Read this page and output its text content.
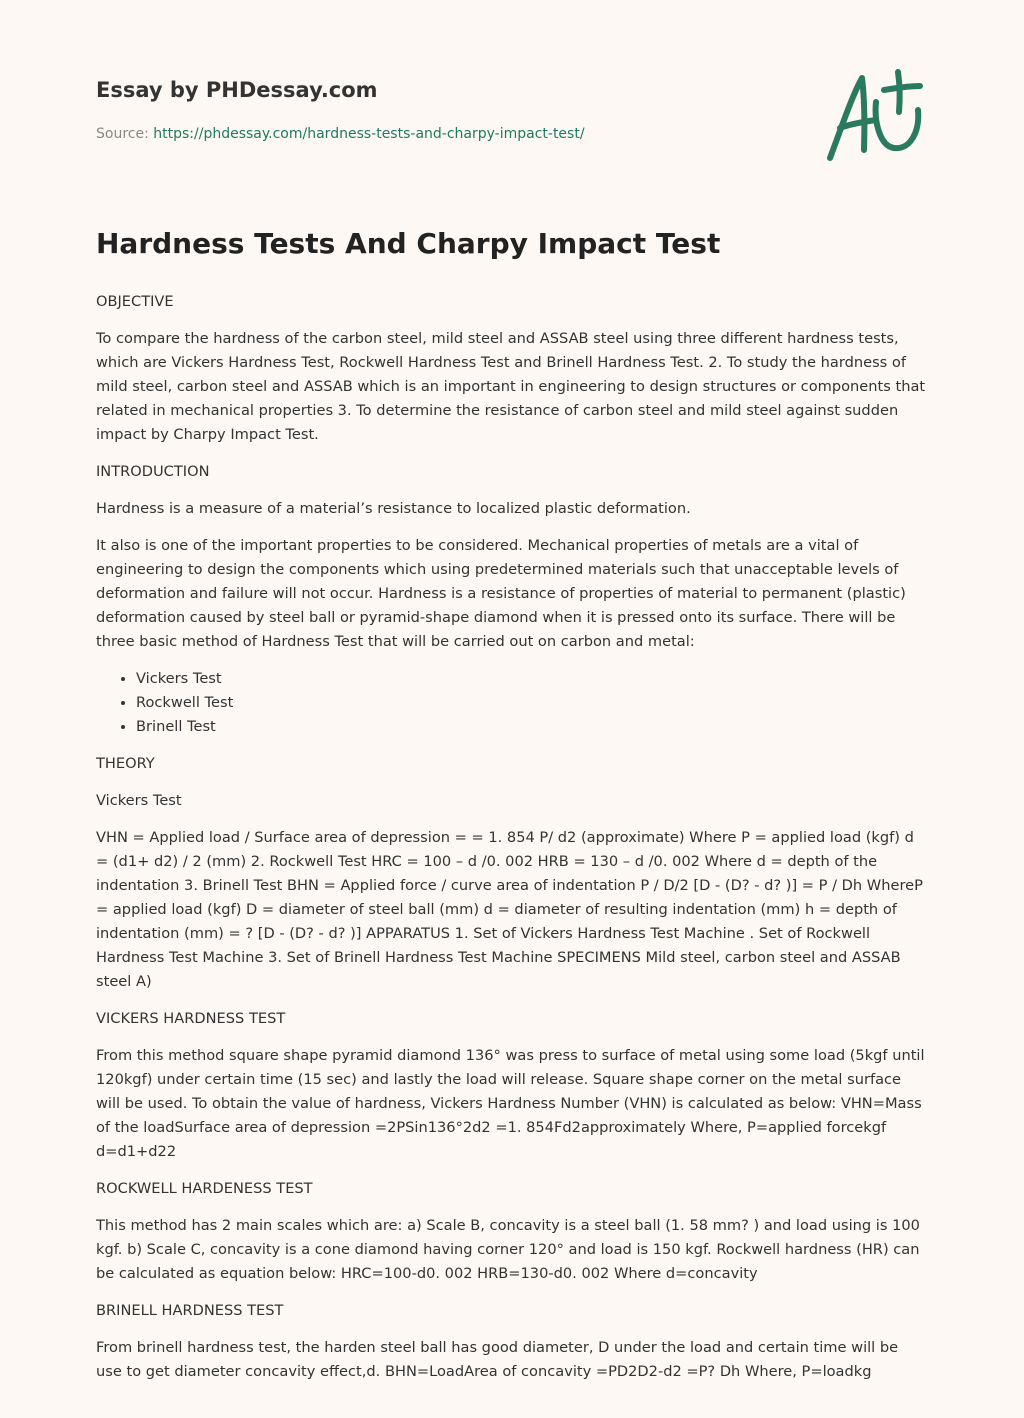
Essay by PHDessay.com
Source: https://phdessay.com/hardness-tests-and-charpy-impact-test/
Hardness Tests And Charpy Impact Test
OBJECTIVE

To compare the hardness of the carbon steel, mild steel and ASSAB steel using three different hardness tests, which are Vickers Hardness Test, Rockwell Hardness Test and Brinell Hardness Test. 2. To study the hardness of mild steel, carbon steel and ASSAB which is an important in engineering to design structures or components that related in mechanical properties 3. To determine the resistance of carbon steel and mild steel against sudden impact by Charpy Impact Test.

INTRODUCTION

Hardness is a measure of a material’s resistance to localized plastic deformation.

It also is one of the important properties to be considered. Mechanical properties of metals are a vital of engineering to design the components which using predetermined materials such that unacceptable levels of deformation and failure will not occur. Hardness is a resistance of properties of material to permanent (plastic) deformation caused by steel ball or pyramid-shape diamond when it is pressed onto its surface. There will be three basic method of Hardness Test that will be carried out on carbon and metal:

• Vickers Test
• Rockwell Test
• Brinell Test
THEORY
Vickers Test

VHN = Applied load / Surface area of depression = = 1. 854 P/ d2 (approximate) Where P = applied load (kgf) d = (d1+ d2) / 2 (mm) 2. Rockwell Test HRC = 100 – d /0. 002 HRB = 130 – d /0. 002 Where d = depth of the indentation 3. Brinell Test BHN = Applied force / curve area of indentation P / D/2 [D - (D? - d? )] = P / Dh WhereP = applied load (kgf) D = diameter of steel ball (mm) d = diameter of resulting indentation (mm) h = depth of indentation (mm) = ? [D - (D? - d? )] APPARATUS 1. Set of Vickers Hardness Test Machine . Set of Rockwell Hardness Test Machine 3. Set of Brinell Hardness Test Machine SPECIMENS Mild steel, carbon steel and ASSAB steel A)

VICKERS HARDNESS TEST

From this method square shape pyramid diamond 136° was press to surface of metal using some load (5kgf until 120kgf) under certain time (15 sec) and lastly the load will release. Square shape corner on the metal surface will be used. To obtain the value of hardness, Vickers Hardness Number (VHN) is calculated as below: VHN=Mass of the loadSurface area of depression =2PSin136°2d2 =1. 854Fd2approximately Where, P=applied forcekgf d=d1+d22

ROCKWELL HARDENESS TEST

This method has 2 main scales which are: a) Scale B, concavity is a steel ball (1. 58 mm? ) and load using is 100 kgf. b) Scale C, concavity is a cone diamond having corner 120° and load is 150 kgf. Rockwell hardness (HR) can be calculated as equation below: HRC=100-d0. 002 HRB=130-d0. 002 Where d=concavity

BRINELL HARDNESS TEST

From brinell hardness test, the harden steel ball has good diameter, D under the load and certain time will be use to get diameter concavity effect,d. BHN=LoadArea of concavity =PD2D2-d2 =P? Dh Where, P=loadkg
